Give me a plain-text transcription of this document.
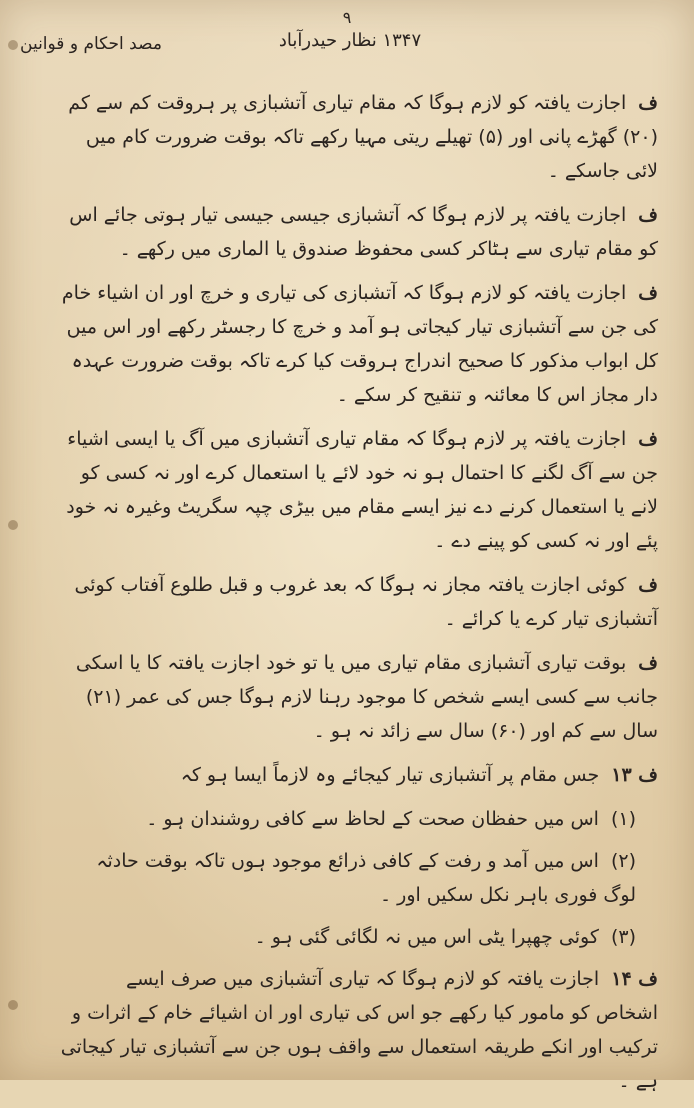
۹
۱۳۴۷ نظار حیدرآباد
مصد احکام و قوانین

ف اجازت یافتہ کو لازم ہوگا کہ مقام تیاری آتشبازی پر ہروقت کم سے کم (۲۰) گھڑے پانی اور (۵) تھیلے ریتی مہیا رکھے تاکہ بوقت ضرورت کام میں لائی جاسکے ۔

ف اجازت یافتہ پر لازم ہوگا کہ آتشبازی جیسی جیسی تیار ہوتی جائے اس کو مقام تیاری سے ہٹاکر کسی محفوظ صندوق یا الماری میں رکھے ۔

ف اجازت یافتہ کو لازم ہوگا کہ آتشبازی کی تیاری و خرچ اور ان اشیاء خام کی جن سے آتشبازی تیار کیجاتی ہو آمد و خرچ کا رجسٹر رکھے اور اس میں کل ابواب مذکور کا صحیح اندراج ہروقت کیا کرے تاکہ بوقت ضرورت عہدہ دار مجاز اس کا معائنہ و تنقیح کر سکے ۔

ف اجازت یافتہ پر لازم ہوگا کہ مقام تیاری آتشبازی میں آگ یا ایسی اشیاء جن سے آگ لگنے کا احتمال ہو نہ خود لائے یا استعمال کرے اور نہ کسی کو لانے یا استعمال کرنے دے نیز ایسے مقام میں بیڑی چپہ سگریٹ وغیرہ نہ خود پئے اور نہ کسی کو پینے دے ۔

ف کوئی اجازت یافتہ مجاز نہ ہوگا کہ بعد غروب و قبل طلوع آفتاب کوئی آتشبازی تیار کرے یا کرائے ۔

ف بوقت تیاری آتشبازی مقام تیاری میں یا تو خود اجازت یافتہ کا یا اسکی جانب سے کسی ایسے شخص کا موجود رہنا لازم ہوگا جس کی عمر (۲۱) سال سے کم اور (۶۰) سال سے زائد نہ ہو ۔

ف ۱۳ جس مقام پر آتشبازی تیار کیجائے وہ لازماً ایسا ہو کہ

(۱) اس میں حفظان صحت کے لحاظ سے کافی روشندان ہو ۔

(۲) اس میں آمد و رفت کے کافی ذرائع موجود ہوں تاکہ بوقت حادثہ لوگ فوری باہر نکل سکیں اور ۔

(۳) کوئی چھپرا یٹی اس میں نہ لگائی گئی ہو ۔

ف ۱۴ اجازت یافتہ کو لازم ہوگا کہ تیاری آتشبازی میں صرف ایسے اشخاص کو مامور کیا رکھے جو اس کی تیاری اور ان اشیائے خام کے اثرات و ترکیب اور انکے طریقہ استعمال سے واقف ہوں جن سے آتشبازی تیار کیجاتی ہے ۔
